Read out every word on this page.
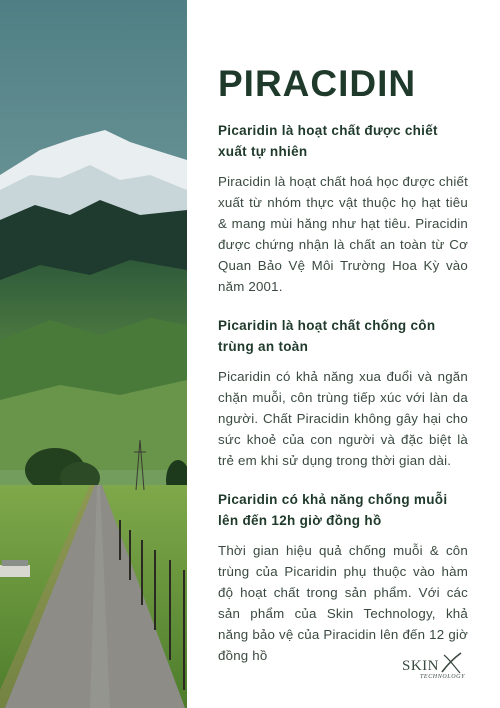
PIRACIDIN
Picaridin là hoạt chất được chiết xuất tự nhiên

Piracidin là hoạt chất hoá học được chiết xuất từ nhóm thực vật thuộc họ hạt tiêu & mang mùi hăng như hạt tiêu. Piracidin được chứng nhận là chất an toàn từ Cơ Quan Bảo Vệ Môi Trường Hoa Kỳ vào năm 2001.

Picaridin là hoạt chất chống côn trùng an toàn

Picaridin có khả năng xua đuổi và ngăn chặn muỗi, côn trùng tiếp xúc với làn da người. Chất Piracidin không gây hại cho sức khoẻ của con người và đặc biệt là trẻ em khi sử dụng trong thời gian dài.

Picaridin có khả năng chống muỗi lên đến 12h giờ đồng hồ

Thời gian hiệu quả chống muỗi & côn trùng của Picaridin phụ thuộc vào hàm độ hoạt chất trong sản phẩm. Với các sản phẩm của Skin Technology, khả năng bảo vệ của Piracidin lên đến 12 giờ đồng hồ

SKIN
TECHNOLOGY
